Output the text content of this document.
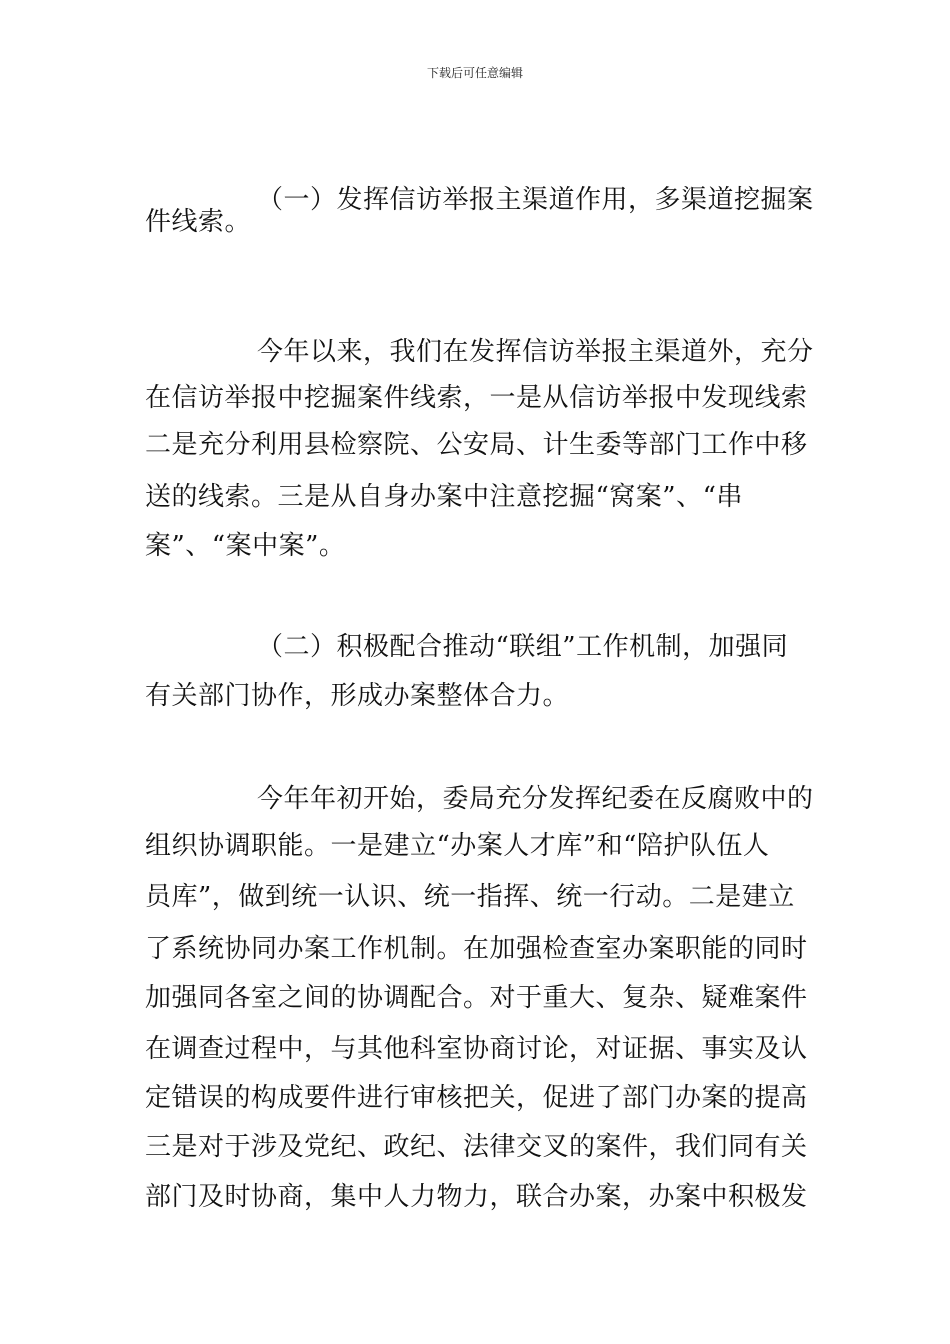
下载后可任意编辑
（一）发挥信访举报主渠道作用，多渠道挖掘案
件线索。
今年以来，我们在发挥信访举报主渠道外，充分
在信访举报中挖掘案件线索，一是从信访举报中发现线索
二是充分利用县检察院、公安局、计生委等部门工作中移
送的线索。三是从自身办案中注意挖掘“窝案”、“串
案”、“案中案”。
（二）积极配合推动“联组”工作机制，加强同
有关部门协作，形成办案整体合力。
今年年初开始，委局充分发挥纪委在反腐败中的
组织协调职能。一是建立“办案人才库”和“陪护队伍人
员库”，做到统一认识、统一指挥、统一行动。二是建立
了系统协同办案工作机制。在加强检查室办案职能的同时
加强同各室之间的协调配合。对于重大、复杂、疑难案件
在调查过程中，与其他科室协商讨论，对证据、事实及认
定错误的构成要件进行审核把关，促进了部门办案的提高
三是对于涉及党纪、政纪、法律交叉的案件，我们同有关
部门及时协商，集中人力物力，联合办案，办案中积极发
